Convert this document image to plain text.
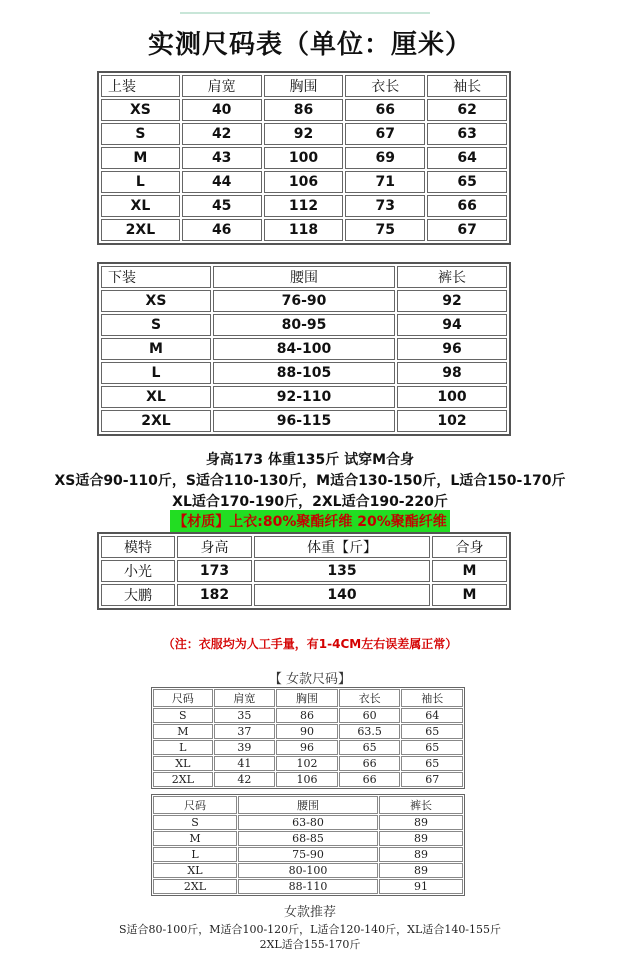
实测尺码表（单位：厘米）
上装	肩宽	胸围	衣长	袖长
XS	40	86	66	62
S	42	92	67	63
M	43	100	69	64
L	44	106	71	65
XL	45	112	73	66
2XL	46	118	75	67
下装	腰围	裤长
XS	76-90	92
S	80-95	94
M	84-100	96
L	88-105	98
XL	92-110	100
2XL	96-115	102
身高173 体重135斤 试穿M合身
XS适合90-110斤，S适合110-130斤，M适合130-150斤，L适合150-170斤
XL适合170-190斤，2XL适合190-220斤
【材质】上衣:80%聚酯纤维 20%聚酯纤维
模特	身高	体重【斤】	合身
小光	173	135	M
大鹏	182	140	M
（注：衣服均为人工手量，有1-4CM左右误差属正常）
【 女款尺码】
尺码	肩宽	胸围	衣长	袖长
S	35	86	60	64
M	37	90	63.5	65
L	39	96	65	65
XL	41	102	66	65
2XL	42	106	66	67
尺码	腰围	裤长
S	63-80	89
M	68-85	89
L	75-90	89
XL	80-100	89
2XL	88-110	91
女款推荐
S适合80-100斤，M适合100-120斤，L适合120-140斤，XL适合140-155斤
2XL适合155-170斤
